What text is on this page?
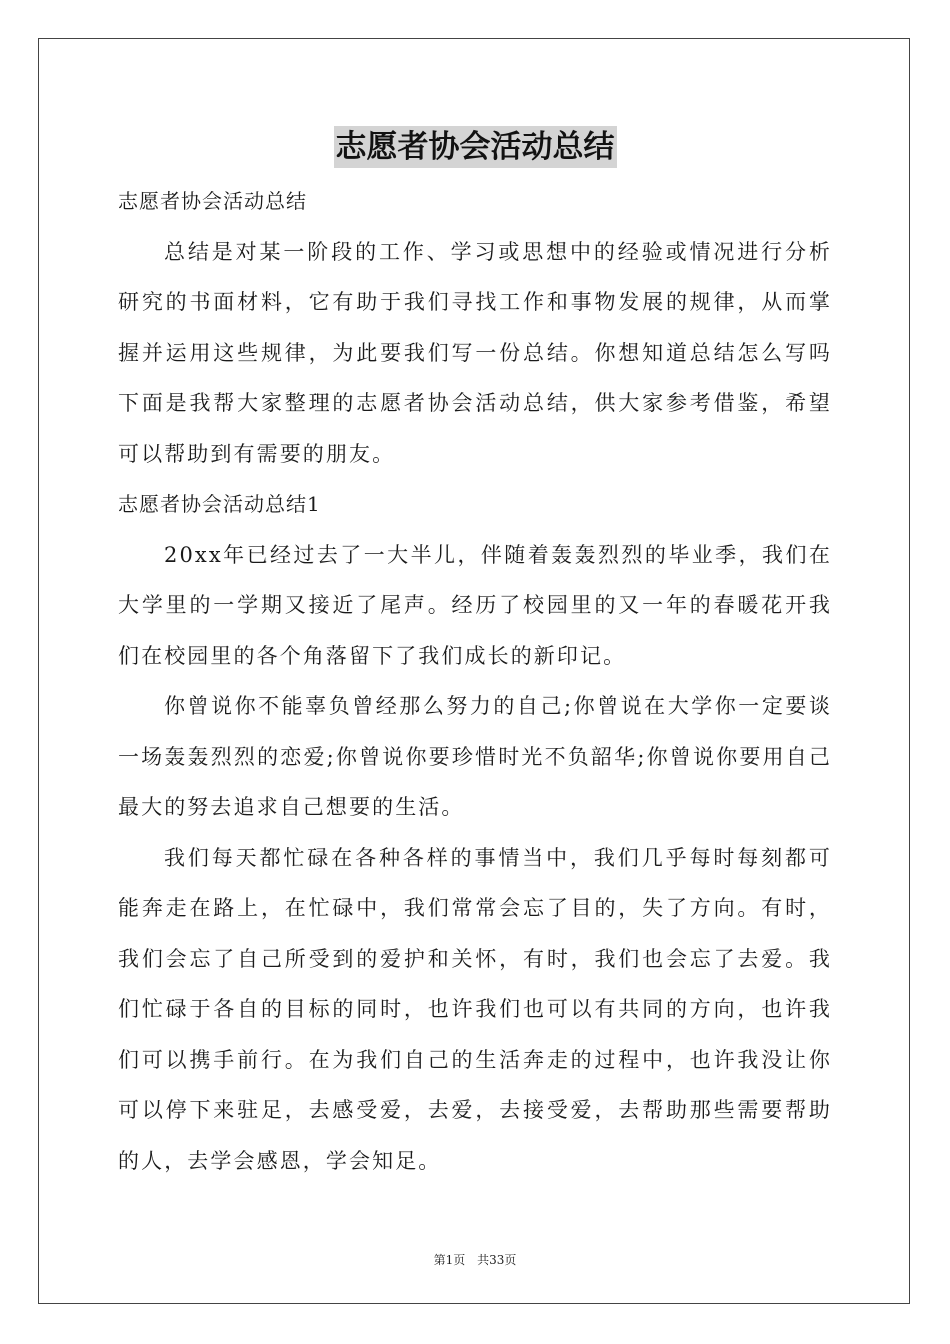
志愿者协会活动总结

志愿者协会活动总结

总结是对某一阶段的工作、学习或思想中的经验或情况进行分析研究的书面材料，它有助于我们寻找工作和事物发展的规律，从而掌握并运用这些规律，为此要我们写一份总结。你想知道总结怎么写吗下面是我帮大家整理的志愿者协会活动总结，供大家参考借鉴，希望可以帮助到有需要的朋友。

志愿者协会活动总结1

20xx年已经过去了一大半儿，伴随着轰轰烈烈的毕业季，我们在大学里的一学期又接近了尾声。经历了校园里的又一年的春暖花开我们在校园里的各个角落留下了我们成长的新印记。

你曾说你不能辜负曾经那么努力的自己;你曾说在大学你一定要谈一场轰轰烈烈的恋爱;你曾说你要珍惜时光不负韶华;你曾说你要用自己最大的努去追求自己想要的生活。

我们每天都忙碌在各种各样的事情当中，我们几乎每时每刻都可能奔走在路上，在忙碌中，我们常常会忘了目的，失了方向。有时，我们会忘了自己所受到的爱护和关怀，有时，我们也会忘了去爱。我们忙碌于各自的目标的同时，也许我们也可以有共同的方向，也许我们可以携手前行。在为我们自己的生活奔走的过程中，也许我没让你可以停下来驻足，去感受爱，去爱，去接受爱，去帮助那些需要帮助的人，去学会感恩，学会知足。

第1页 共33页
